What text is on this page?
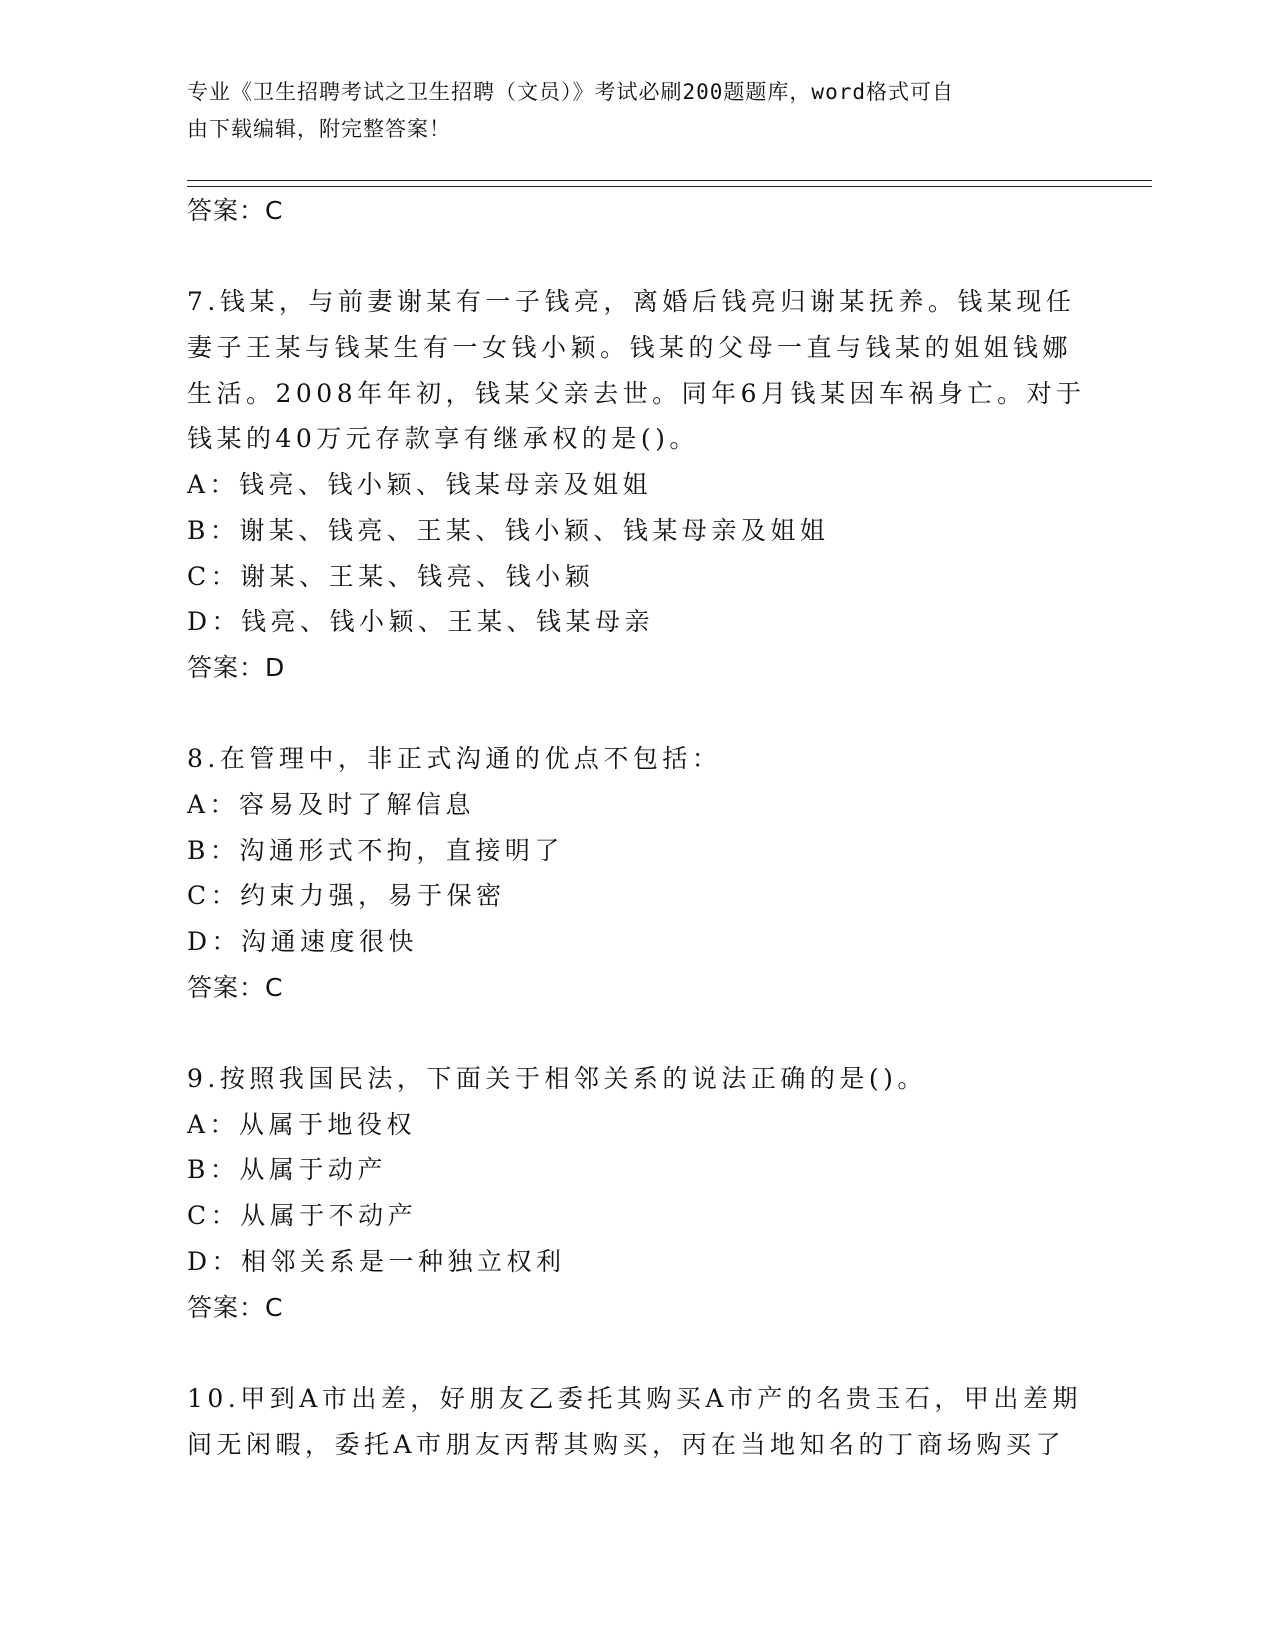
专业《卫生招聘考试之卫生招聘（文员）》考试必刷200题题库，word格式可自
由下载编辑，附完整答案！
答案：C
7.钱某，与前妻谢某有一子钱亮，离婚后钱亮归谢某抚养。钱某现任
妻子王某与钱某生有一女钱小颖。钱某的父母一直与钱某的姐姐钱娜
生活。2008年年初，钱某父亲去世。同年6月钱某因车祸身亡。对于
钱某的40万元存款享有继承权的是()。
A：钱亮、钱小颖、钱某母亲及姐姐
B：谢某、钱亮、王某、钱小颖、钱某母亲及姐姐
C：谢某、王某、钱亮、钱小颖
D：钱亮、钱小颖、王某、钱某母亲
答案：D
8.在管理中，非正式沟通的优点不包括：
A：容易及时了解信息
B：沟通形式不拘，直接明了
C：约束力强，易于保密
D：沟通速度很快
答案：C
9.按照我国民法，下面关于相邻关系的说法正确的是()。
A：从属于地役权
B：从属于动产
C：从属于不动产
D：相邻关系是一种独立权利
答案：C
10.甲到A市出差，好朋友乙委托其购买A市产的名贵玉石，甲出差期
间无闲暇，委托A市朋友丙帮其购买，丙在当地知名的丁商场购买了
